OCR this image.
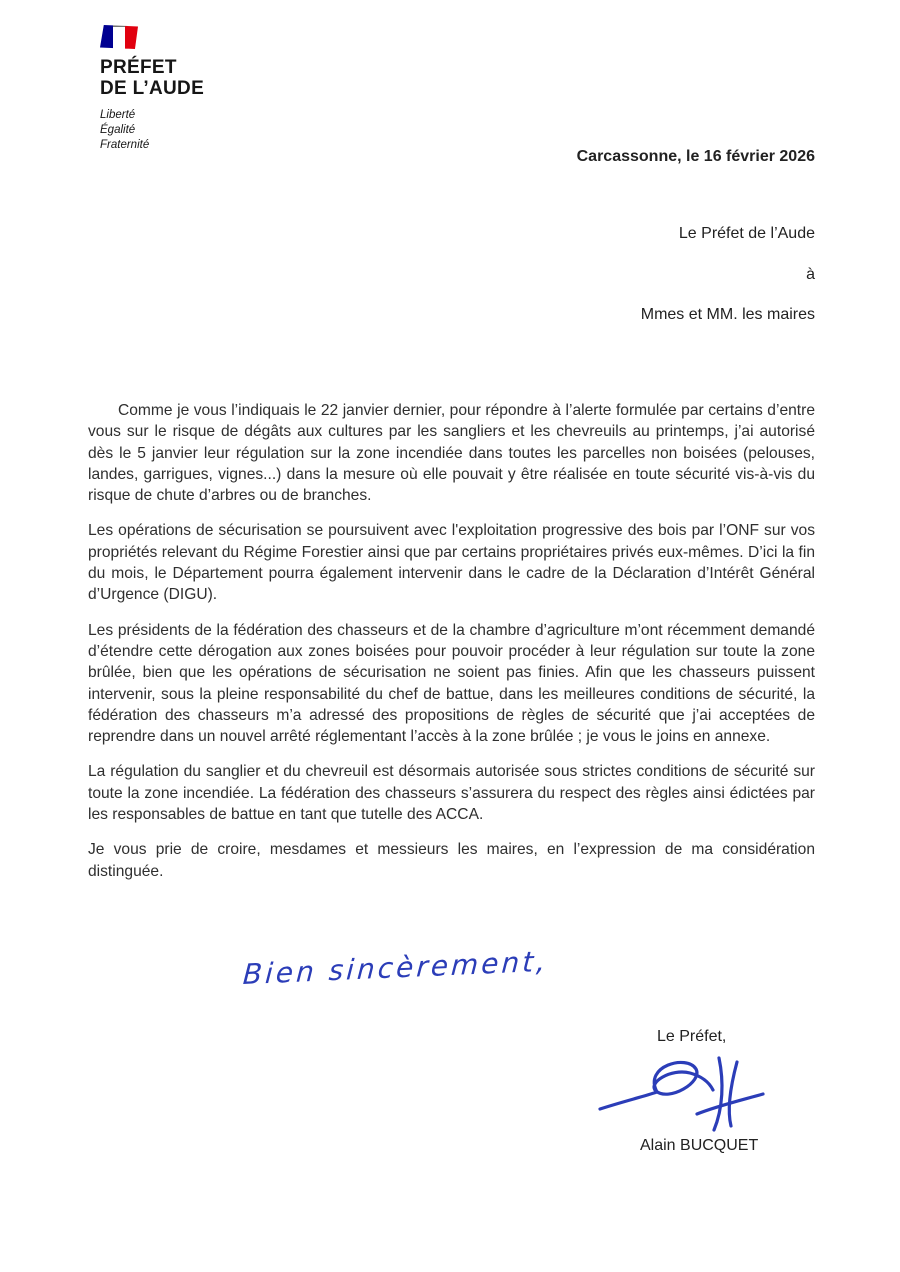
PRÉFET
DE L’AUDE
Liberté
Égalité
Fraternité
Carcassonne, le 16 février 2026
Le Préfet de l’Aude
à
Mmes et MM. les maires

Comme je vous l’indiquais le 22 janvier dernier, pour répondre à l’alerte formulée par certains d’entre vous sur le risque de dégâts aux cultures par les sangliers et les chevreuils au printemps, j’ai autorisé dès le 5 janvier leur régulation sur la zone incendiée dans toutes les parcelles non boisées (pelouses, landes, garrigues, vignes...) dans la mesure où elle pouvait y être réalisée en toute sécurité vis-à-vis du risque de chute d’arbres ou de branches.

Les opérations de sécurisation se poursuivent avec l'exploitation progressive des bois par l’ONF sur vos propriétés relevant du Régime Forestier ainsi que par certains propriétaires privés eux-mêmes. D’ici la fin du mois, le Département pourra également intervenir dans le cadre de la Déclaration d’Intérêt Général d’Urgence (DIGU).

Les présidents de la fédération des chasseurs et de la chambre d’agriculture m’ont récemment demandé d’étendre cette dérogation aux zones boisées pour pouvoir procéder à leur régulation sur toute la zone brûlée, bien que les opérations de sécurisation ne soient pas finies. Afin que les chasseurs puissent intervenir, sous la pleine responsabilité du chef de battue, dans les meilleures conditions de sécurité, la fédération des chasseurs m’a adressé des propositions de règles de sécurité que j’ai acceptées de reprendre dans un nouvel arrêté réglementant l’accès à la zone brûlée ; je vous le joins en annexe.

La régulation du sanglier et du chevreuil est désormais autorisée sous strictes conditions de sécurité sur toute la zone incendiée. La fédération des chasseurs s’assurera du respect des règles ainsi édictées par les responsables de battue en tant que tutelle des ACCA.

Je vous prie de croire, mesdames et messieurs les maires, en l’expression de ma considération distinguée.

Bien sincèrement,
Le Préfet,
Alain BUCQUET
